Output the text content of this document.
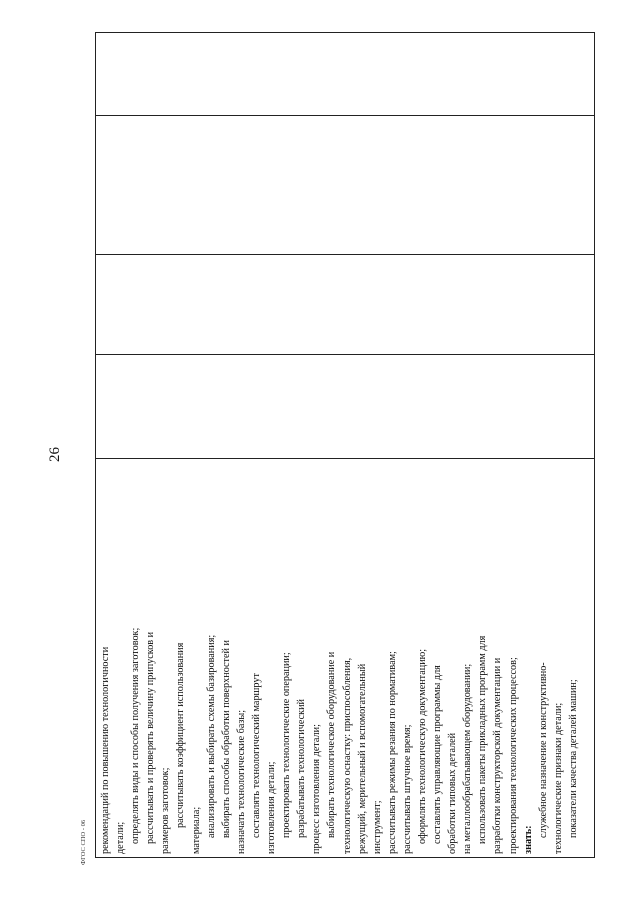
26
ФГОС СПО - 06 рекомендаций по повышению технологичности детали; определять виды и способы получения заготовок; рассчитывать и проверять величину припусков и размеров заготовок; рассчитывать коэффициент использования
материала; анализировать и выбирать схемы базирования; выбирать способы обработки поверхностей и назначать технологические базы; составлять технологический маршрут изготовления детали; проектировать технологические операции; разрабатывать технологический процесс изготовления детали; выбирать технологическое оборудование и технологическую оснастку: приспособления, режущий, мерительный и вспомогательный инструмент; рассчитывать режимы резания по нормативам; рассчитывать штучное время; оформлять технологическую документацию; составлять управляющие программы для обработки типовых деталей на металлообрабатывающем оборудовании; использовать пакеты прикладных программ для разработки конструкторской документации и проектирования технологических процессов; знать:
служебное назначение и конструктивно- технологические признаки детали; показатели качества деталей машин;
